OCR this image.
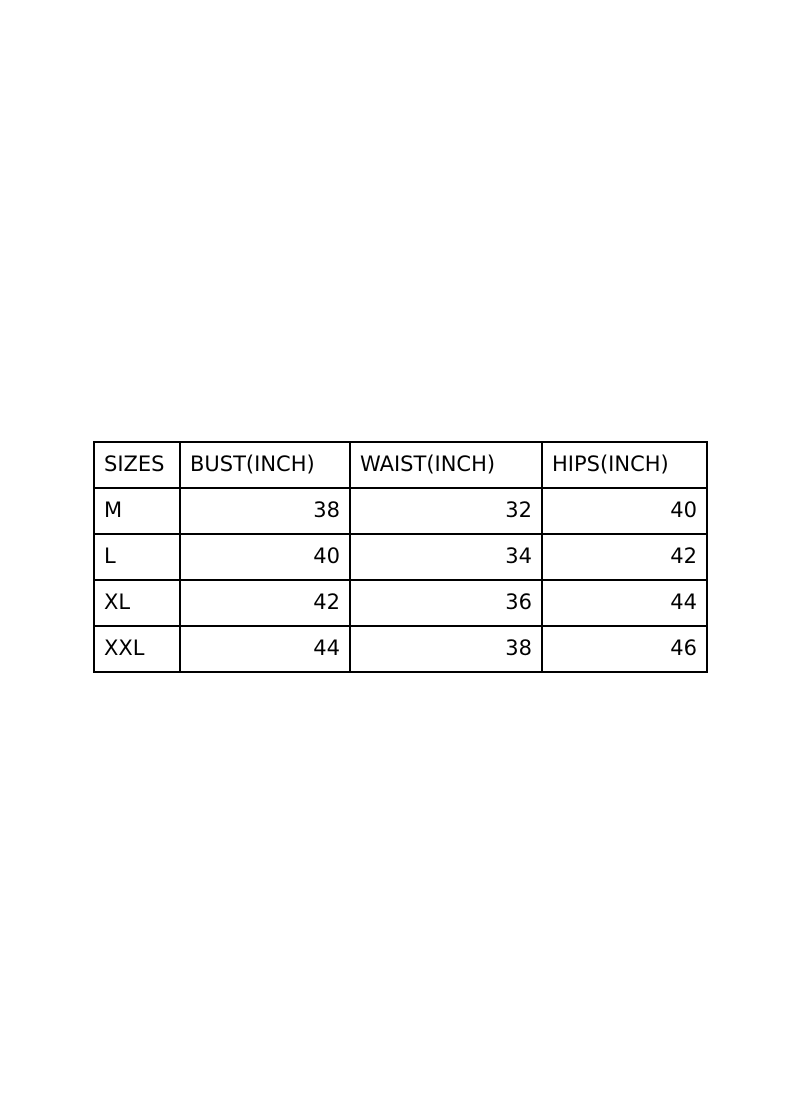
SIZES	BUST(INCH)	WAIST(INCH)	HIPS(INCH)
M	38	32	40
L	40	34	42
XL	42	36	44
XXL	44	38	46
